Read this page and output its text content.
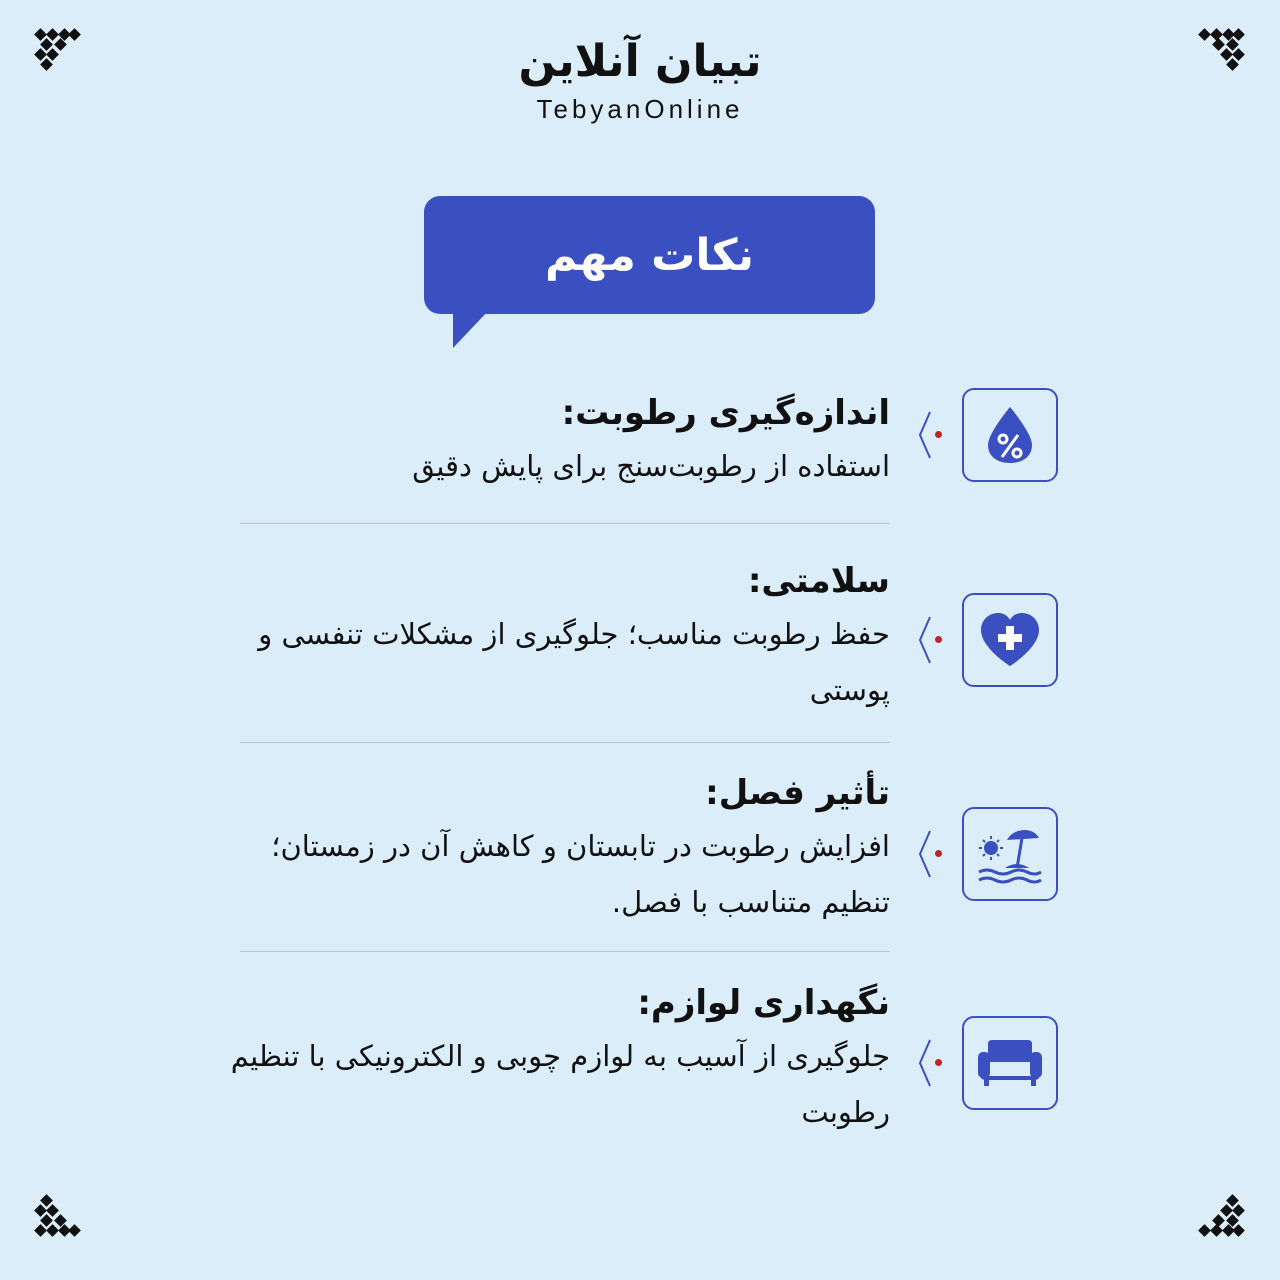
تبیان آنلاین
TebyanOnline
نکات مهم
اندازه‌گیری رطوبت:
استفاده از رطوبت‌سنج برای پایش دقیق
سلامتی:
حفظ رطوبت مناسب؛ جلوگیری از مشکلات تنفسی و پوستی
تأثیر فصل:
افزایش رطوبت در تابستان و کاهش آن در زمستان؛ تنظیم متناسب با فصل.
نگهداری لوازم:
جلوگیری از آسیب به لوازم چوبی و الکترونیکی با تنظیم رطوبت
